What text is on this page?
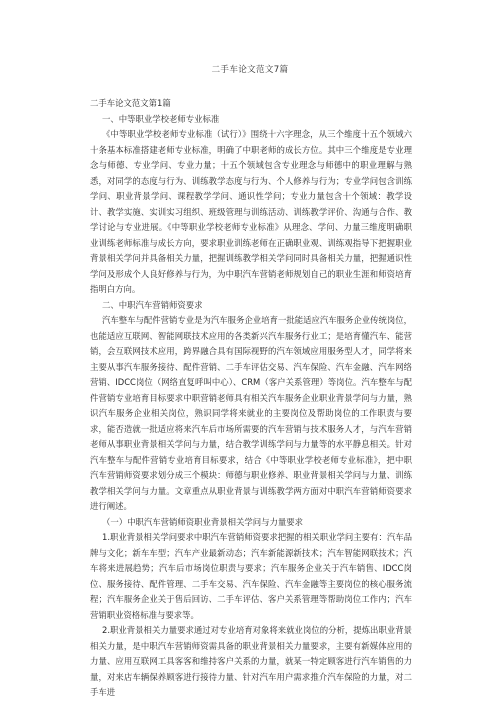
二手车论文范文7篇

二手车论文范文第1篇

一、中等职业学校老师专业标准

《中等职业学校老师专业标准（试行）》围绕十六字理念，从三个维度十五个领域六十条基本标准搭建老师专业标准，明确了中职老师的成长方位。其中三个维度是专业理念与师德、专业学问、专业力量；十五个领域包含专业理念与师德中的职业理解与熟悉，对同学的态度与行为、训练教学态度与行为、个人修养与行为；专业学问包含训练学问、职业背景学问、课程教学学问、通识性学问；专业力量包含十个领域：教学设计、教学实施、实训实习组织、班级管理与训练活动、训练教学评价、沟通与合作、教学讨论与专业进展。《中等职业学校老师专业标准》从理念、学问、力量三维度明确职业训练老师标准与成长方向，要求职业训练老师在正确职业观、训练观指导下把握职业背景相关学问并具备相关力量，把握训练教学相关学问同时具备相关力量，把握通识性学问及形成个人良好修养与行为，为中职汽车营销老师规划自己的职业生涯和师资培育指明白方向。

二、中职汽车营销师资要求

汽车整车与配件营销专业是为汽车服务企业培育一批能适应汽车服务企业传统岗位，也能适应互联网、智能网联技术应用的各类新兴汽车服务行业工；是培育懂汽车、能营销，会互联网技术应用，跨界融合具有国际视野的汽车领域应用服务型人才，同学将来主要从事汽车服务接待、配件营销、二手车评估交易、汽车保险、汽车金融、汽车网络营销、IDCC岗位（网络直复呼叫中心）、CRM（客户关系管理）等岗位。汽车整车与配件营销专业培育目标要求中职营销老师具有相关汽车服务企业职业背景学问与力量，熟识汽车服务企业相关岗位，熟识同学将来就业的主要岗位及帮助岗位的工作职责与要求，能否造就一批适应将来汽车后市场所需要的汽车营销与技术服务人才，与汽车营销老师从事职业背景相关学问与力量，结合教学训练学问与力量等的水平静息相关。针对汽车整车与配件营销专业培育目标要求，结合《中等职业学校老师专业标准》，把中职汽车营销师资要求划分成三个模块：师德与职业修养、职业背景相关学问与力量、训练教学相关学问与力量。文章重点从职业背景与训练教学两方面对中职汽车营销师资要求进行阐述。

（一）中职汽车营销师资职业背景相关学问与力量要求

1.职业背景相关学问要求中职汽车营销师资要求把握的相关职业学问主要有：汽车品牌与文化；新车车型；汽车产业最新动态；汽车新能源新技术；汽车智能网联技术；汽车将来进展趋势；汽车后市场岗位职责与要求；汽车服务企业关于汽车销售、IDCC岗位、服务接待、配件管理、二手车交易、汽车保险、汽车金融等主要岗位的核心服务流程；汽车服务企业关于售后回访、二手车评估、客户关系管理等帮助岗位工作内；汽车营销职业资格标准与要求等。

2.职业背景相关力量要求通过对专业培育对象将来就业岗位的分析，提炼出职业背景相关力量，是中职汽车营销师资需具备的职业背景相关力量要求，主要有新媒体应用的力量、应用互联网工具客客和维持客户关系的力量，就某一特定顾客进行汽车销售的力量，对来店车辆保养顾客进行接待力量、针对汽车用户需求推介汽车保险的力量，对二手车进
